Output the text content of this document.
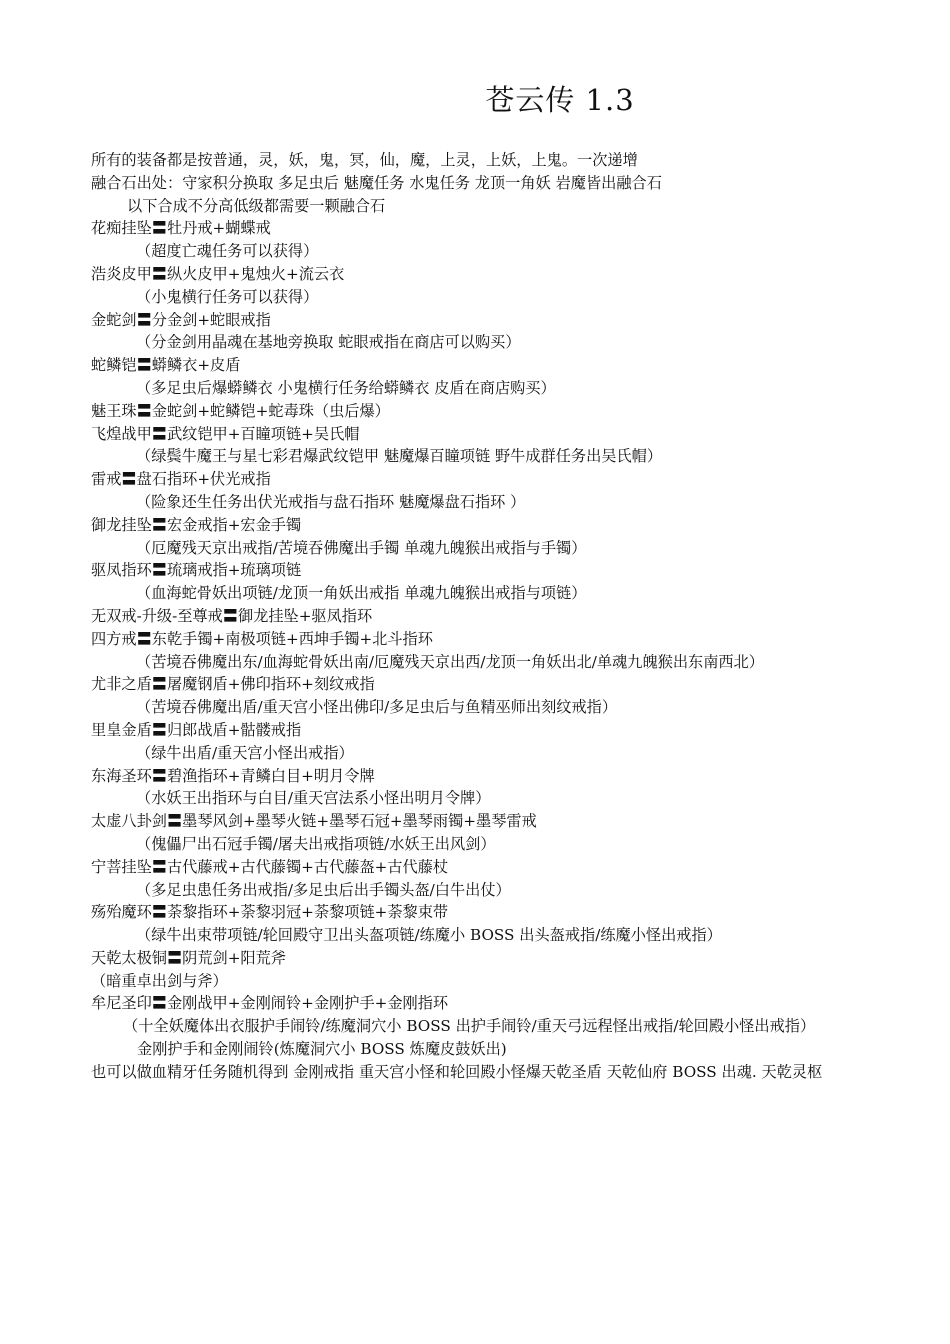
苍云传 1.3
所有的装备都是按普通，灵，妖，鬼，冥，仙，魔，上灵，上妖，上鬼。一次递增
融合石出处：守家积分换取 多足虫后 魅魔任务 水鬼任务 龙顶一角妖 岩魔皆出融合石
以下合成不分高低级都需要一颗融合石
花痴挂坠〓牡丹戒+蝴蝶戒
（超度亡魂任务可以获得）
浩炎皮甲〓纵火皮甲+鬼烛火+流云衣
（小鬼横行任务可以获得）
金蛇剑〓分金剑+蛇眼戒指
（分金剑用晶魂在基地旁换取 蛇眼戒指在商店可以购买）
蛇鳞铠〓蟒鳞衣+皮盾
（多足虫后爆蟒鳞衣 小鬼横行任务给蟒鳞衣 皮盾在商店购买）
魅王珠〓金蛇剑+蛇鳞铠+蛇毒珠（虫后爆）
飞煌战甲〓武纹铠甲+百瞳项链+吴氏帽
（绿鬓牛魔王与星七彩君爆武纹铠甲 魅魔爆百瞳项链 野牛成群任务出吴氏帽）
雷戒〓盘石指环+伏光戒指
（险象还生任务出伏光戒指与盘石指环 魅魔爆盘石指环 ）
御龙挂坠〓宏金戒指+宏金手镯
（厄魔残天京出戒指/苦境吞佛魔出手镯 单魂九魄猴出戒指与手镯）
驱凤指环〓琉璃戒指+琉璃项链
（血海蛇骨妖出项链/龙顶一角妖出戒指 单魂九魄猴出戒指与项链）
无双戒-升级-至尊戒〓御龙挂坠+驱凤指环
四方戒〓东乾手镯+南极项链+西坤手镯+北斗指环
（苦境吞佛魔出东/血海蛇骨妖出南/厄魔残天京出西/龙顶一角妖出北/单魂九魄猴出东南西北）
尤非之盾〓屠魔钢盾+佛印指环+刻纹戒指
（苦境吞佛魔出盾/重天宫小怪出佛印/多足虫后与鱼精巫师出刻纹戒指）
里皇金盾〓归郎战盾+骷髅戒指
（绿牛出盾/重天宫小怪出戒指）
东海圣环〓碧渔指环+青鳞白目+明月令牌
（水妖王出指环与白目/重天宫法系小怪出明月令牌）
太虚八卦剑〓墨琴风剑+墨琴火链+墨琴石冠+墨琴雨镯+墨琴雷戒
（傀儡尸出石冠手镯/屠夫出戒指项链/水妖王出风剑）
宁菩挂坠〓古代藤戒+古代藤镯+古代藤盔+古代藤杖
（多足虫患任务出戒指/多足虫后出手镯头盔/白牛出仗）
殇殆魔环〓荼黎指环+荼黎羽冠+荼黎项链+荼黎束带
（绿牛出束带项链/轮回殿守卫出头盔项链/练魔小 BOSS 出头盔戒指/练魔小怪出戒指）
天乾太极铜〓阴荒剑+阳荒斧
（暗重卓出剑与斧）
牟尼圣印〓金刚战甲+金刚闹铃+金刚护手+金刚指环
（十全妖魔体出衣服护手闹铃/练魔洞穴小 BOSS 出护手闹铃/重天弓远程怪出戒指/轮回殿小怪出戒指）
金刚护手和金刚闹铃(炼魔洞穴小 BOSS 炼魔皮鼓妖出)
也可以做血精牙任务随机得到 金刚戒指 重天宫小怪和轮回殿小怪爆天乾圣盾 天乾仙府 BOSS 出魂. 天乾灵枢
